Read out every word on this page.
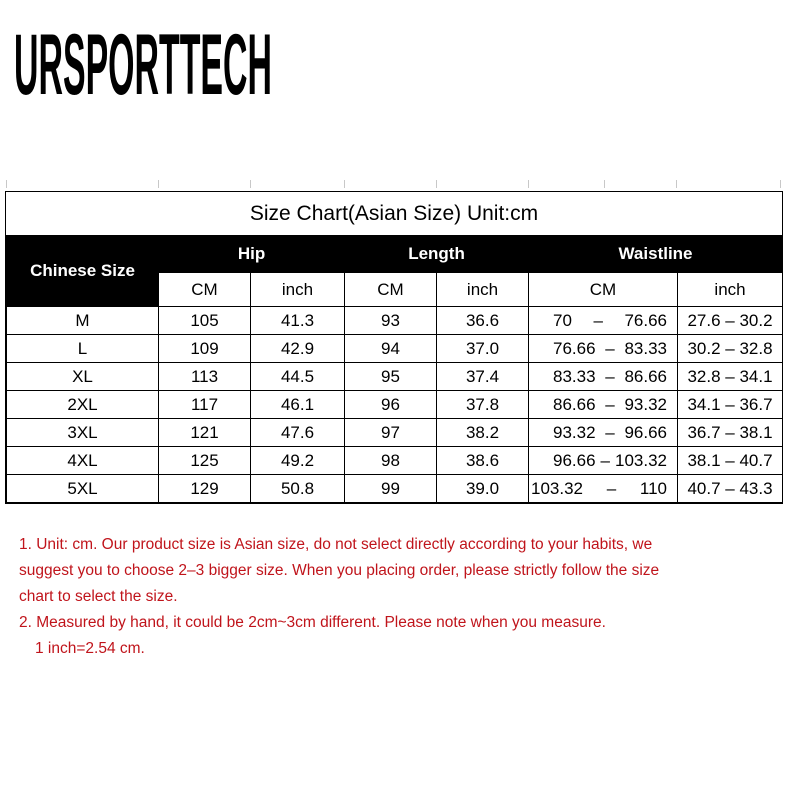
URSPORTTECH
Size Chart(Asian Size) Unit:cm
Chinese Size	Hip		Length		Waistline	
	CM	inch	CM	inch	CM	inch
M	105	41.3	93	36.6	70 – 76.66	27.6 – 30.2
L	109	42.9	94	37.0	76.66 – 83.33	30.2 – 32.8
XL	113	44.5	95	37.4	83.33 – 86.66	32.8 – 34.1
2XL	117	46.1	96	37.8	86.66 – 93.32	34.1 – 36.7
3XL	121	47.6	97	38.2	93.32 – 96.66	36.7 – 38.1
4XL	125	49.2	98	38.6	96.66 – 103.32	38.1 – 40.7
5XL	129	50.8	99	39.0	103.32 – 110	40.7 – 43.3

1. Unit: cm. Our product size is Asian size, do not select directly according to your habits, we

suggest you to choose 2–3 bigger size. When you placing order, please strictly follow the size

chart to select the size.

2. Measured by hand, it could be 2cm~3cm different. Please note when you measure.

1 inch=2.54 cm.
